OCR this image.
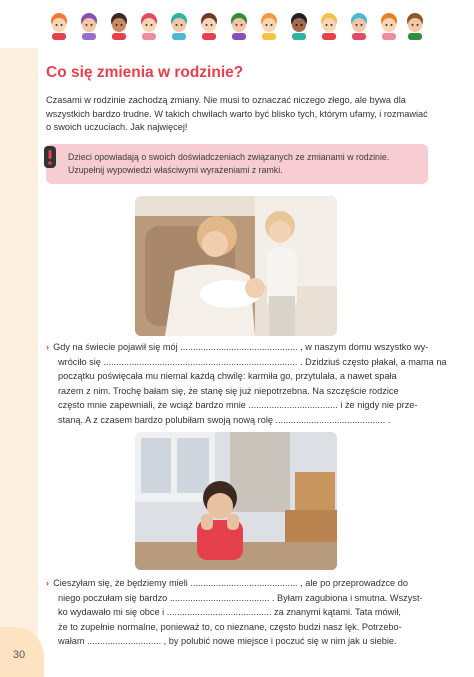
30
Co się zmienia w rodzinie?

Czasami w rodzinie zachodzą zmiany. Nie musi to oznaczać niczego złego, ale bywa dla wszystkich bardzo trudne. W takich chwilach warto być blisko tych, którym ufamy, i rozmawiać o swoich uczuciach. Jak najwięcej!

Dzieci opowiadają o swoich doświadczeniach związanych ze zmianami w rodzinie. Uzupełnij wypowiedzi właściwymi wyrażeniami z ramki.

› Gdy na świecie pojawił się mój .............................................. , w naszym domu wszystko wy-
wróciło się ............................................................................ . Dzidziuś często płakał, a mama na
początku poświęcała mu niemal każdą chwilę: karmiła go, przytulała, a nawet spała
razem z nim. Trochę bałam się, że stanę się już niepotrzebna. Na szczęście rodzice
często mnie zapewniali, że wciąż bardzo mnie ................................... i że nigdy nie prze-
staną. A z czasem bardzo polubiłam swoją nową rolę ........................................... .
› Cieszyłam się, że będziemy mieli .......................................... , ale po przeprowadzce do
niego poczułam się bardzo ....................................... . Byłam zagubiona i smutna. Wszyst-
ko wydawało mi się obce i ......................................... za znanymi kątami. Tata mówił,
że to zupełnie normalne, ponieważ to, co nieznane, często budzi nasz lęk. Potrzebo-
wałam ............................. , by polubić nowe miejsce i poczuć się w nim jak u siebie.
